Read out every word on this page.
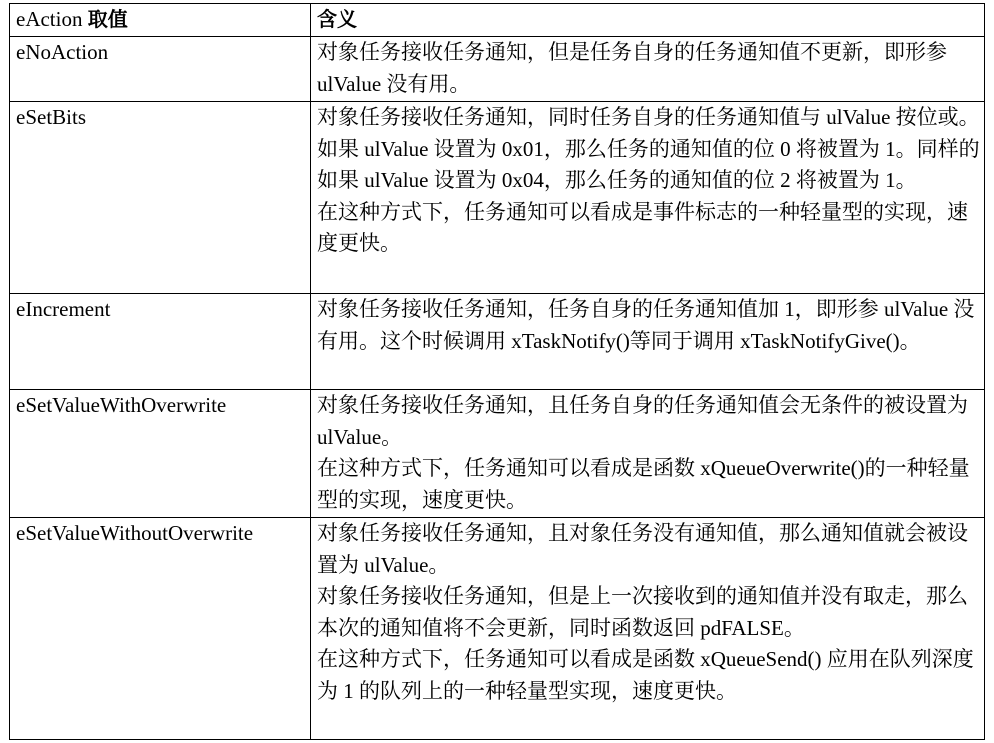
eAction 取值	含义
eNoAction	对象任务接收任务通知，但是任务自身的任务通知值不更新，即形参 ulValue 没有用。

eSetBits	对象任务接收任务通知，同时任务自身的任务通知值与 ulValue 按位或。如果 ulValue 设置为 0x01，那么任务的通知值的位 0 将被置为 1。同样的如果 ulValue 设置为 0x04，那么任务的通知值的位 2 将被置为 1。

在这种方式下，任务通知可以看成是事件标志的一种轻量型的实现，速度更快。

eIncrement	对象任务接收任务通知，任务自身的任务通知值加 1，即形参 ulValue 没有用。这个时候调用 xTaskNotify()等同于调用 xTaskNotifyGive()。

eSetValueWithOverwrite	对象任务接收任务通知，且任务自身的任务通知值会无条件的被设置为 ulValue。

在这种方式下，任务通知可以看成是函数 xQueueOverwrite()的一种轻量型的实现，速度更快。

eSetValueWithoutOverwrite	对象任务接收任务通知，且对象任务没有通知值，那么通知值就会被设置为 ulValue。

对象任务接收任务通知，但是上一次接收到的通知值并没有取走，那么本次的通知值将不会更新，同时函数返回 pdFALSE。

在这种方式下，任务通知可以看成是函数 xQueueSend() 应用在队列深度为 1 的队列上的一种轻量型实现，速度更快。
